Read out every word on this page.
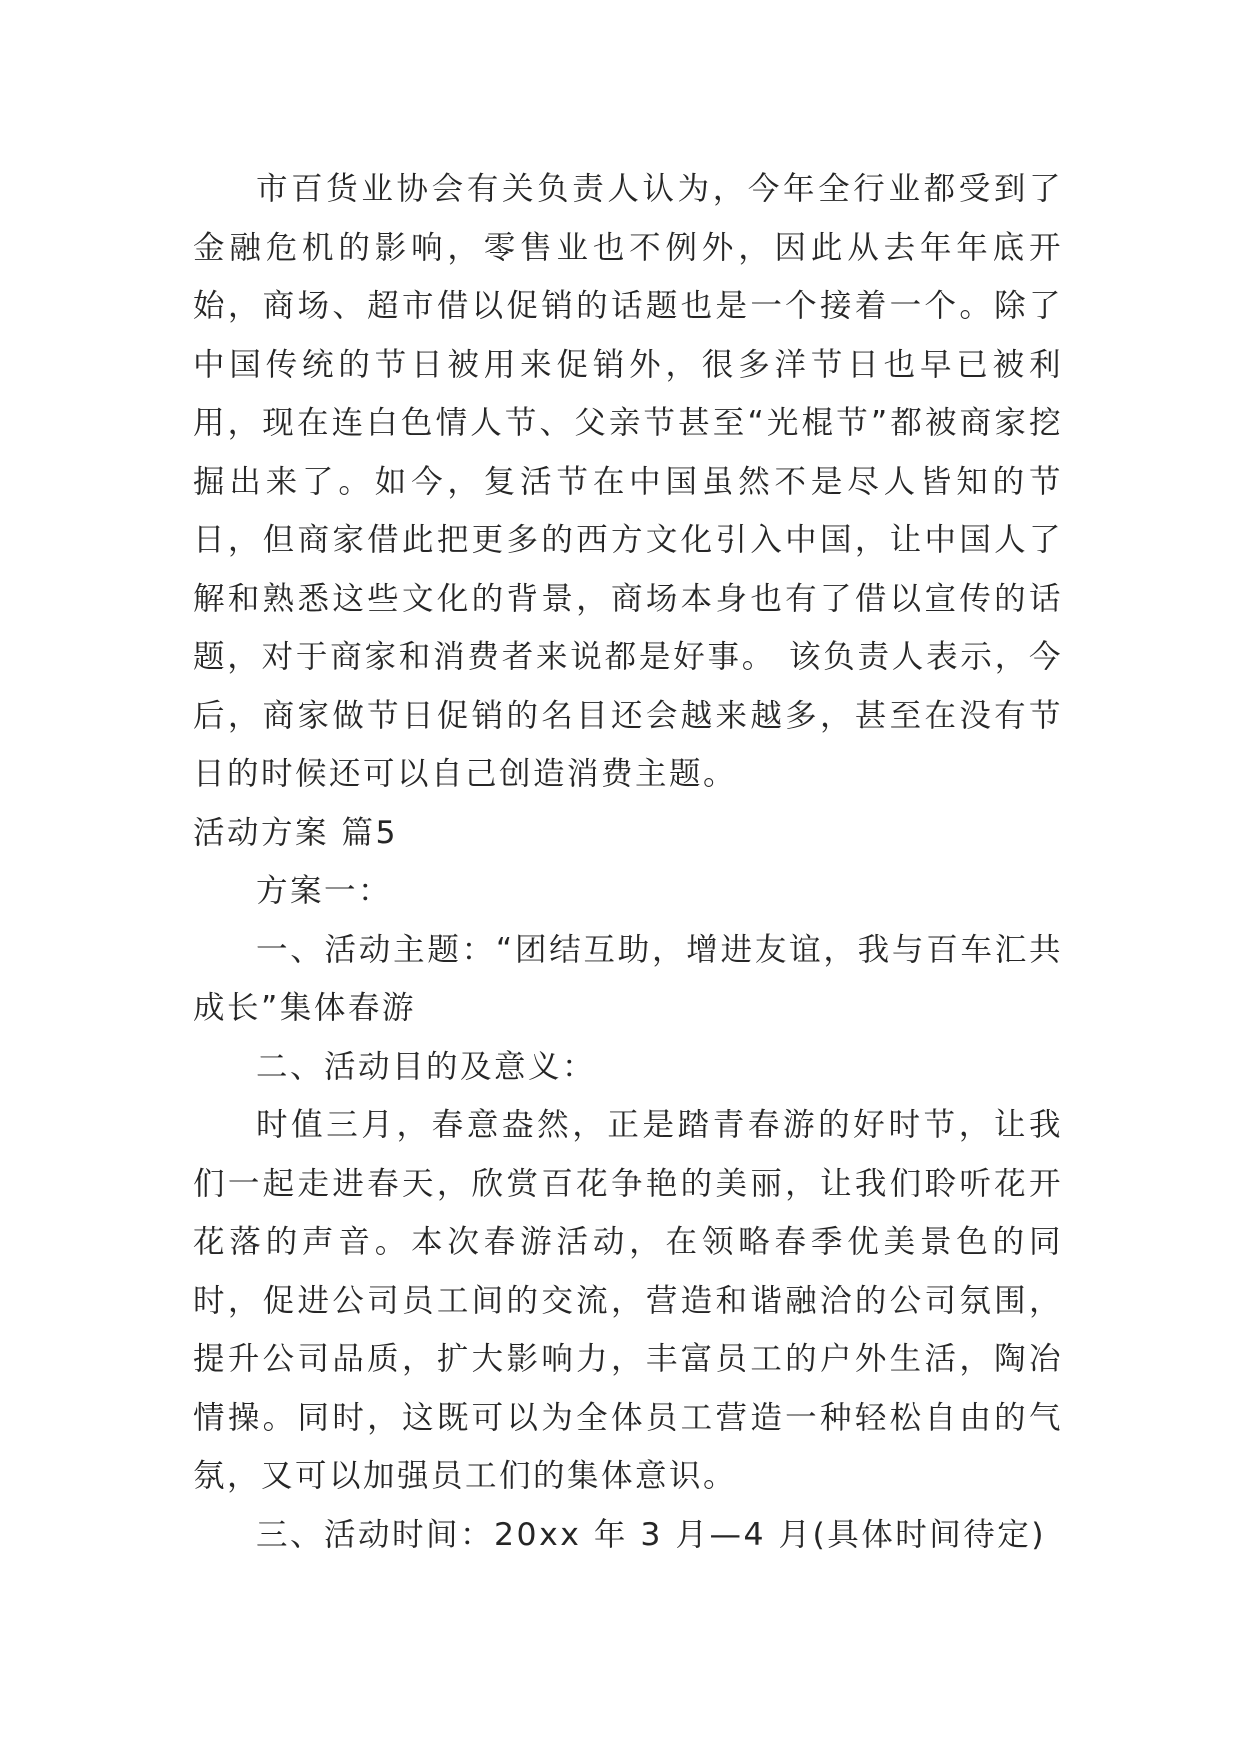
市百货业协会有关负责人认为，今年全行业都受到了金融危机的影响，零售业也不例外，因此从去年年底开始，商场、超市借以促销的话题也是一个接着一个。除了中国传统的节日被用来促销外，很多洋节日也早已被利用，现在连白色情人节、父亲节甚至“光棍节”都被商家挖掘出来了。如今，复活节在中国虽然不是尽人皆知的节日，但商家借此把更多的西方文化引入中国，让中国人了解和熟悉这些文化的背景，商场本身也有了借以宣传的话题，对于商家和消费者来说都是好事。 该负责人表示，今后，商家做节日促销的名目还会越来越多，甚至在没有节日的时候还可以自己创造消费主题。

活动方案 篇5

方案一：

一、活动主题：“团结互助，增进友谊，我与百车汇共成长”集体春游

二、活动目的及意义：

时值三月，春意盎然，正是踏青春游的好时节，让我们一起走进春天，欣赏百花争艳的美丽，让我们聆听花开花落的声音。本次春游活动，在领略春季优美景色的同时，促进公司员工间的交流，营造和谐融洽的公司氛围，提升公司品质，扩大影响力，丰富员工的户外生活，陶冶情操。同时，这既可以为全体员工营造一种轻松自由的气氛，又可以加强员工们的集体意识。

三、活动时间：20xx 年 3 月—4 月(具体时间待定)
